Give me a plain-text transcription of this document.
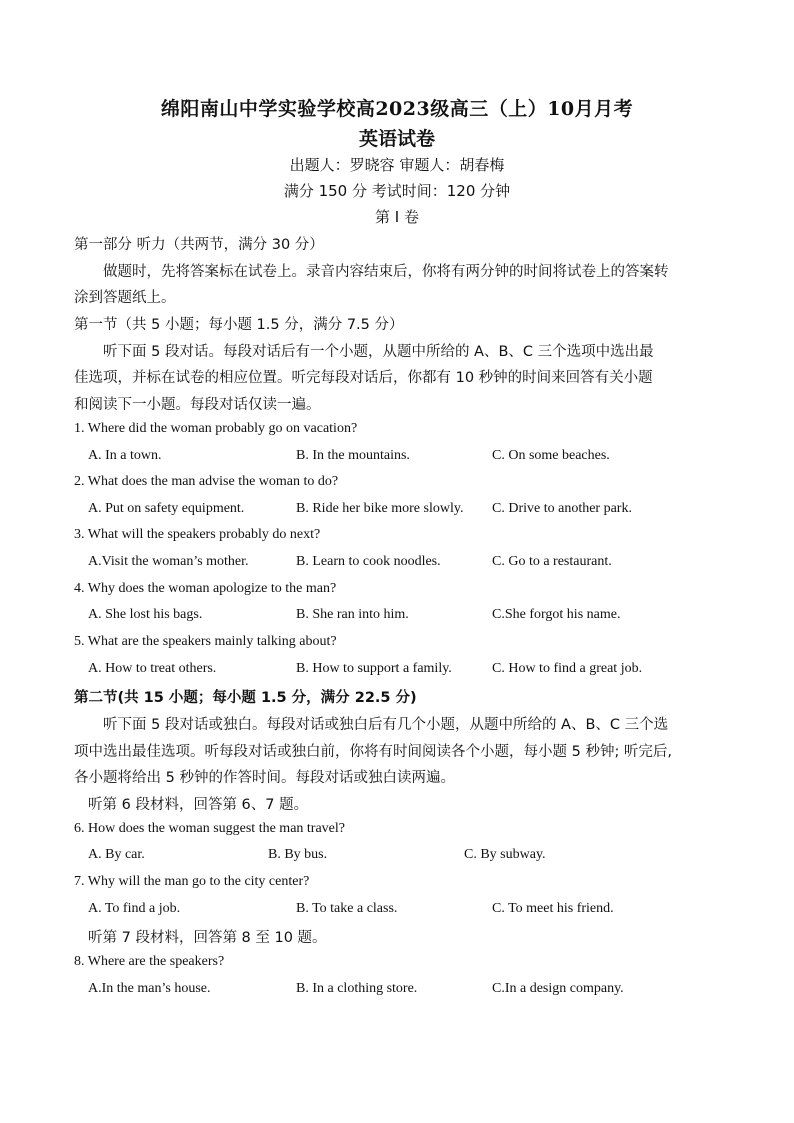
绵阳南山中学实验学校高2023级高三（上）10月月考
英语试卷
出题人：罗晓容 审题人：胡春梅
满分 150 分 考试时间：120 分钟
第 I 卷
第一部分 听力（共两节，满分 30 分）
做题时，先将答案标在试卷上。录音内容结束后，你将有两分钟的时间将试卷上的答案转
涂到答题纸上。
第一节（共 5 小题；每小题 1.5 分，满分 7.5 分）
听下面 5 段对话。每段对话后有一个小题，从题中所给的 A、B、C 三个选项中选出最
佳选项，并标在试卷的相应位置。听完每段对话后，你都有 10 秒钟的时间来回答有关小题
和阅读下一小题。每段对话仅读一遍。
1. Where did the woman probably go on vacation?
A. In a town.	B. In the mountains.	C. On some beaches.
2. What does the man advise the woman to do?
A. Put on safety equipment.	B. Ride her bike more slowly. C. Drive to another park.
3. What will the speakers probably do next?
A.Visit the woman’s mother.	B. Learn to cook noodles.	C. Go to a restaurant.
4. Why does the woman apologize to the man?
A. She lost his bags.	B. She ran into him.	C.She forgot his name.
5. What are the speakers mainly talking about?
A. How to treat others.	B. How to support a family.	C. How to find a great job.
第二节(共 15 小题；每小题 1.5 分，满分 22.5 分)
听下面 5 段对话或独白。每段对话或独白后有几个小题，从题中所给的 A、B、C 三个选
项中选出最佳选项。听每段对话或独白前，你将有时间阅读各个小题，每小题 5 秒钟; 听完后,
各小题将给出 5 秒钟的作答时间。每段对话或独白读两遍。
听第 6 段材料，回答第 6、7 题。
6. How does the woman suggest the man travel?
A. By car.	B. By bus.	C. By subway.
7. Why will the man go to the city center?
A. To find a job.	B. To take a class.	C. To meet his friend.
听第 7 段材料，回答第 8 至 10 题。
8. Where are the speakers?
A.In the man’s house.	B. In a clothing store.	C.In a design company.
